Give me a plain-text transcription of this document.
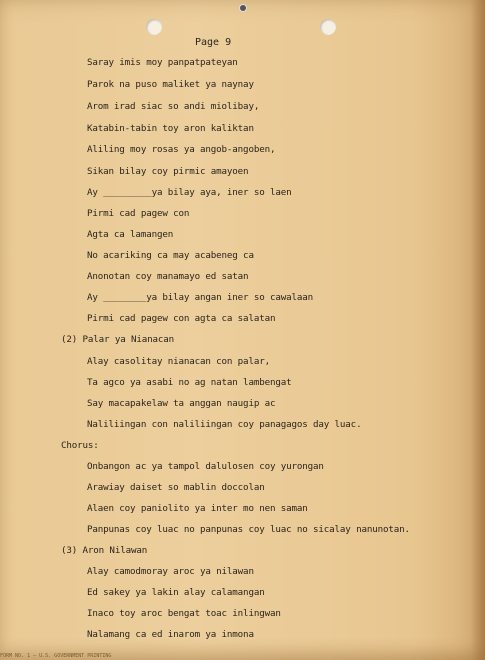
Page 9
Saray imis moy panpatpateyan
Parok na puso maliket ya naynay
Arom irad siac so andi miolibay,
Katabin-tabin toy aron kaliktan
Aliling moy rosas ya angob-angoben,
Sikan bilay coy pirmic amayoen
Ay _________ya bilay aya, iner so laen
Pirmi cad pagew con
Agta ca lamangen
No acariking ca may acabeneg ca
Anonotan coy manamayo ed satan
Ay ________ya bilay angan iner so cawalaan
Pirmi cad pagew con agta ca salatan
(2) Palar ya Nianacan
Alay casolitay nianacan con palar,
Ta agco ya asabi no ag natan lambengat
Say macapakelaw ta anggan naugip ac
Naliliingan con naliliingan coy panagagos day luac.
Chorus:
Onbangon ac ya tampol dalulosen coy yurongan
Arawiay daiset so mablin doccolan
Alaen coy paniolito ya inter mo nen saman
Panpunas coy luac no panpunas coy luac no sicalay nanunotan.
(3) Aron Nilawan
Alay camodmoray aroc ya nilawan
Ed sakey ya lakin alay calamangan
Inaco toy aroc bengat toac inlingwan
Nalamang ca ed inarom ya inmona
FORM NO. 1 — U.S. GOVERNMENT PRINTING
